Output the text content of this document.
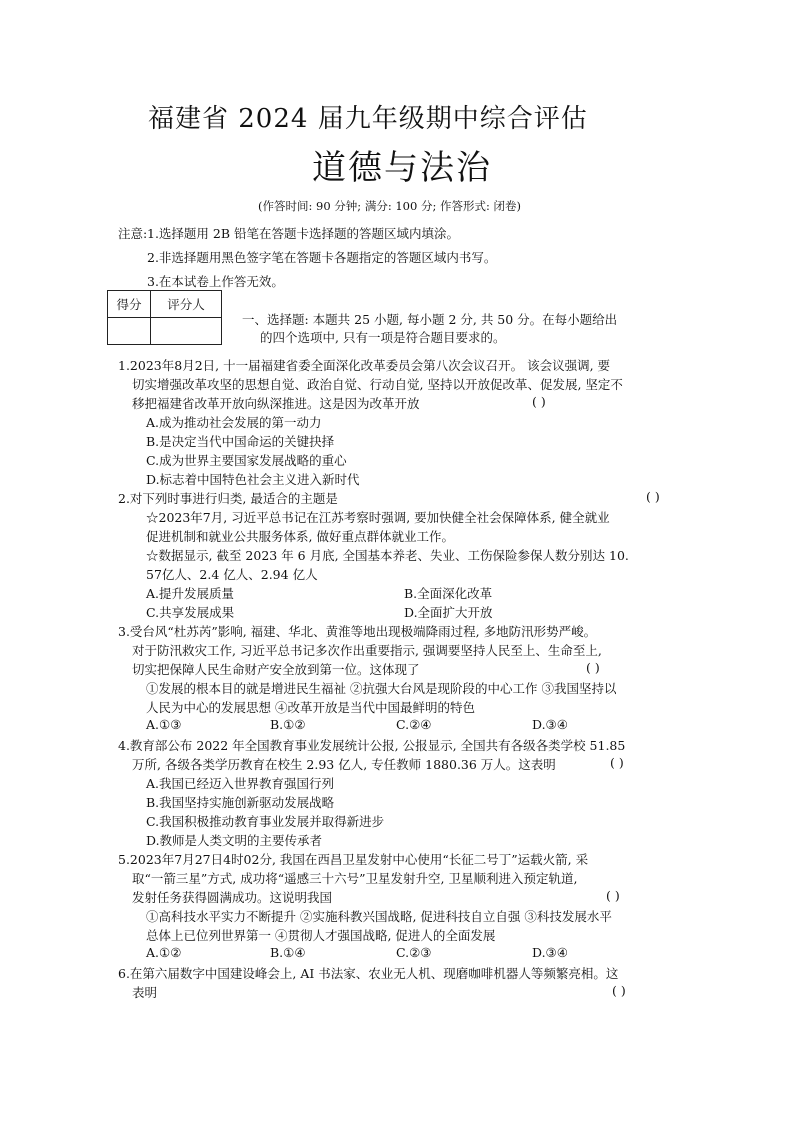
福建省 2024 届九年级期中综合评估
道德与法治
(作答时间: 90 分钟; 满分: 100 分; 作答形式: 闭卷)
注意: 1.选择题用 2B 铅笔在答题卡选择题的答题区域内填涂。
2.非选择题用黑色签字笔在答题卡各题指定的答题区域内书写。
3.在本试卷上作答无效。
得分	评分人

一、选择题: 本题共 25 小题, 每小题 2 分, 共 50 分。在每小题给出
的四个选项中, 只有一项是符合题目要求的。
1.2023年8月2日, 十一届福建省委全面深化改革委员会第八次会议召开。 该会议强调, 要
切实增强改革攻坚的思想自觉、政治自觉、行动自觉, 坚持以开放促改革、促发展, 坚定不
移把福建省改革开放向纵深推进。这是因为改革开放	( )
A.成为推动社会发展的第一动力
B.是决定当代中国命运的关键抉择
C.成为世界主要国家发展战略的重心
D.标志着中国特色社会主义进入新时代
2.对下列时事进行归类, 最适合的主题是	( )
☆2023年7月, 习近平总书记在江苏考察时强调, 要加快健全社会保障体系, 健全就业
促进机制和就业公共服务体系, 做好重点群体就业工作。
☆数据显示, 截至 2023 年 6 月底, 全国基本养老、失业、工伤保险参保人数分别达 10.
57亿人、2.4 亿人、2.94 亿人
A.提升发展质量	B.全面深化改革
C.共享发展成果	D.全面扩大开放
3.受台风“杜苏芮”影响, 福建、华北、黄淮等地出现极端降雨过程, 多地防汛形势严峻。
对于防汛救灾工作, 习近平总书记多次作出重要指示, 强调要坚持人民至上、生命至上,
切实把保障人民生命财产安全放到第一位。这体现了	( )
①发展的根本目的就是增进民生福祉 ②抗强大台风是现阶段的中心工作 ③我国坚持以
人民为中心的发展思想 ④改革开放是当代中国最鲜明的特色
A.①③	B.①②	C.②④	D.③④
4.教育部公布 2022 年全国教育事业发展统计公报, 公报显示, 全国共有各级各类学校 51.85
万所, 各级各类学历教育在校生 2.93 亿人, 专任教师 1880.36 万人。这表明	( )
A.我国已经迈入世界教育强国行列
B.我国坚持实施创新驱动发展战略
C.我国积极推动教育事业发展并取得新进步
D.教师是人类文明的主要传承者
5.2023年7月27日4时02分, 我国在西昌卫星发射中心使用“长征二号丁”运载火箭, 采
取“一箭三星”方式, 成功将“遥感三十六号”卫星发射升空, 卫星顺利进入预定轨道,
发射任务获得圆满成功。这说明我国	( )
①高科技水平实力不断提升 ②实施科教兴国战略, 促进科技自立自强 ③科技发展水平
总体上已位列世界第一 ④贯彻人才强国战略, 促进人的全面发展
A.①②	B.①④	C.②③	D.③④
6.在第六届数字中国建设峰会上, AI 书法家、农业无人机、现磨咖啡机器人等频繁亮相。这
表明	( )
